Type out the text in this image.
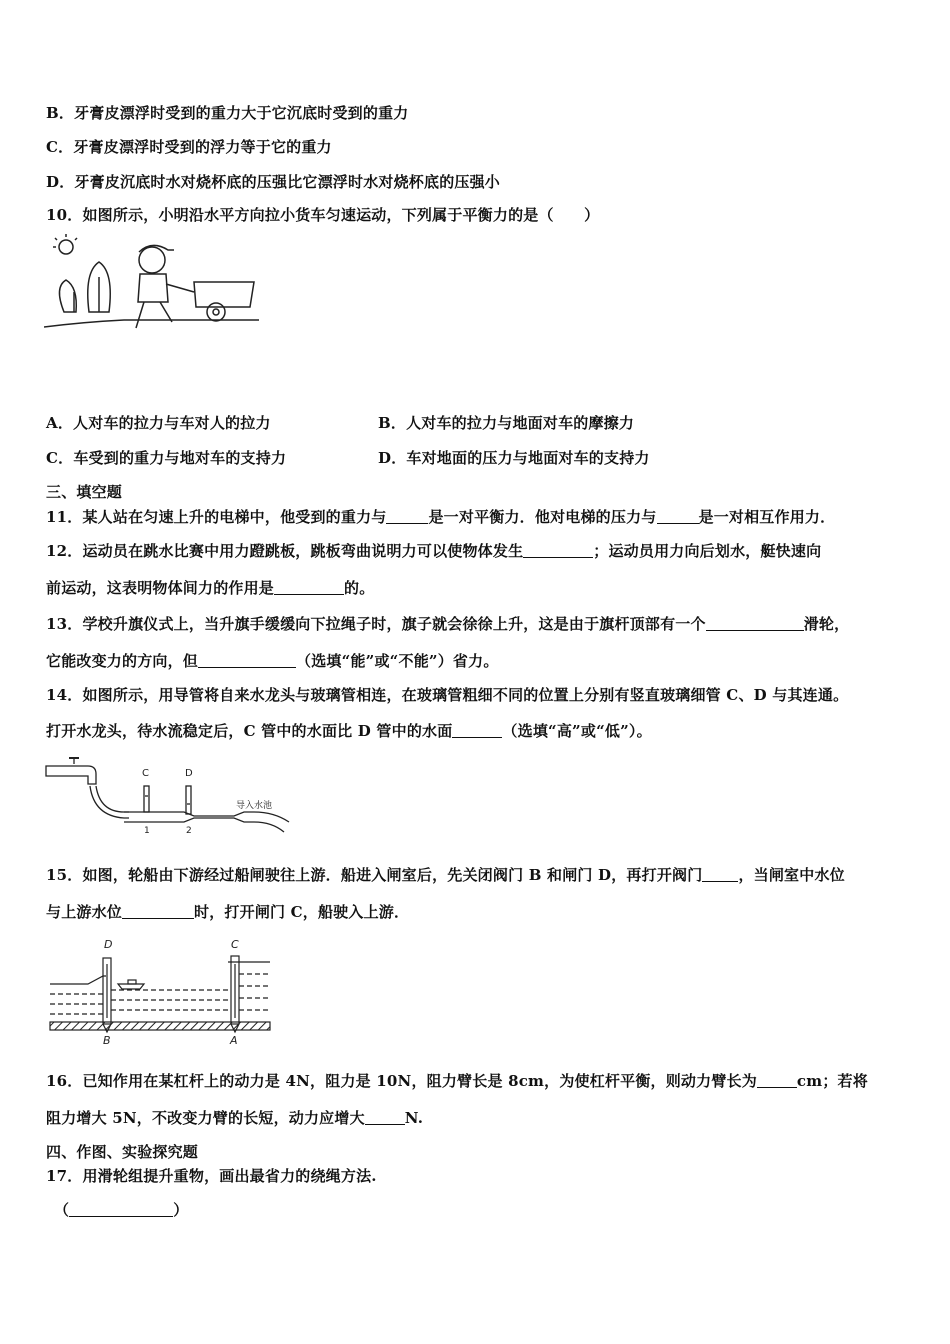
B．牙膏皮漂浮时受到的重力大于它沉底时受到的重力
C．牙膏皮漂浮时受到的浮力等于它的重力
D．牙膏皮沉底时水对烧杯底的压强比它漂浮时水对烧杯底的压强小
10．如图所示，小明沿水平方向拉小货车匀速运动，下列属于平衡力的是（　　）
A．人对车的拉力与车对人的拉力	B．人对车的拉力与地面对车的摩擦力
C．车受到的重力与地对车的支持力	D．车对地面的压力与地面对车的支持力
三、填空题
11．某人站在匀速上升的电梯中，他受到的重力与	是一对平衡力．他对电梯的压力与	是一对相互作用力．
12．运动员在跳水比赛中用力蹬跳板，跳板弯曲说明力可以使物体发生	；运动员用力向后划水，艇快速向
前运动，这表明物体间力的作用是	的。
13．学校升旗仪式上，当升旗手缓缓向下拉绳子时，旗子就会徐徐上升，这是由于旗杆顶部有一个	滑轮，
它能改变力的方向，但	（选填“能”或“不能”）省力。
14．如图所示，用导管将自来水龙头与玻璃管相连，在玻璃管粗细不同的位置上分别有竖直玻璃细管 C、D 与其连通。
打开水龙头，待水流稳定后，C 管中的水面比 D 管中的水面	（选填“高”或“低”）。
C	D
1	2
导入水池
15．如图，轮船由下游经过船闸驶往上游．船进入闸室后，先关闭阀门 B 和闸门 D，再打开阀门 ，当闸室中水位
与上游水位	时，打开闸门 C，船驶入上游．
D	C
B	A
16．已知作用在某杠杆上的动力是 4N，阻力是 10N，阻力臂长是 8cm，为使杠杆平衡，则动力臂长为	cm；若将
阻力增大 5N，不改变力臂的长短，动力应增大	N.
四、作图、实验探究题
17．用滑轮组提升重物，画出最省力的绕绳方法.
（	）
